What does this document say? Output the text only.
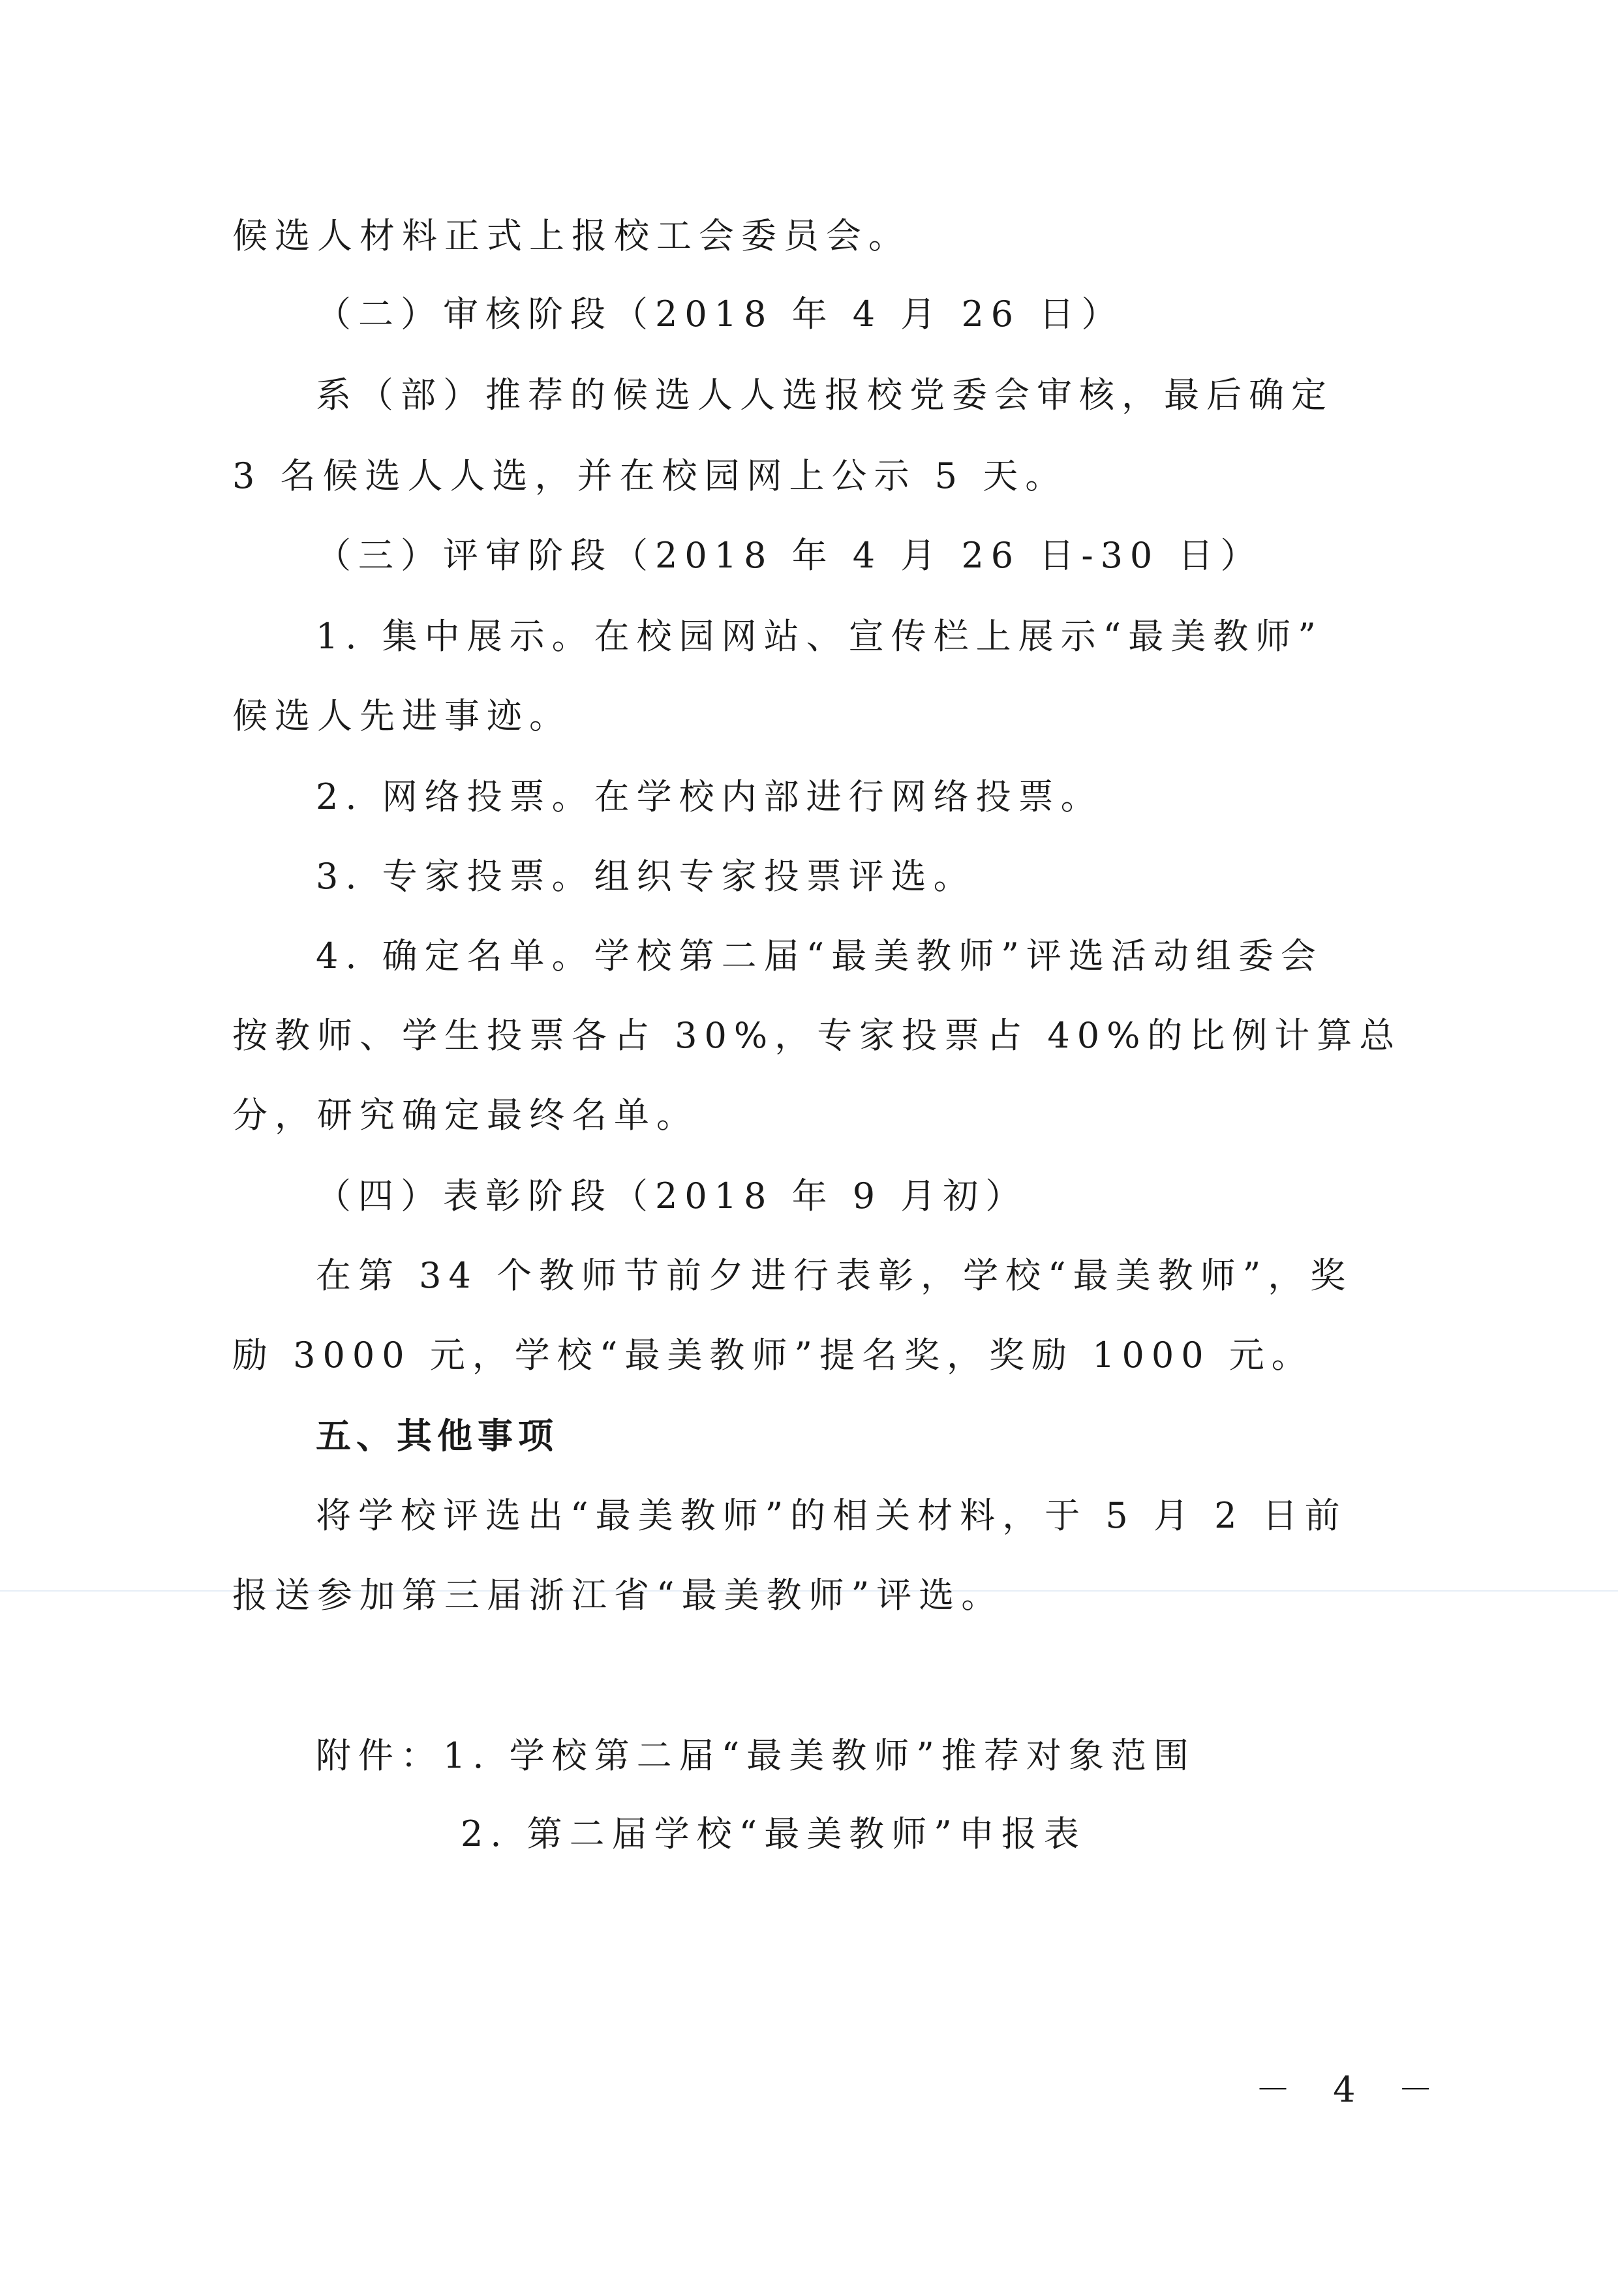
候选人材料正式上报校工会委员会。
（二）审核阶段（2018 年 4 月 26 日）
系（部）推荐的候选人人选报校党委会审核，最后确定
3 名候选人人选，并在校园网上公示 5 天。
（三）评审阶段（2018 年 4 月 26 日-30 日）
1. 集中展示。在校园网站、宣传栏上展示“最美教师”
候选人先进事迹。
2. 网络投票。在学校内部进行网络投票。
3. 专家投票。组织专家投票评选。
4. 确定名单。学校第二届“最美教师”评选活动组委会
按教师、学生投票各占 30%，专家投票占 40%的比例计算总
分，研究确定最终名单。
（四）表彰阶段（2018 年 9 月初）
在第 34 个教师节前夕进行表彰，学校“最美教师”，奖
励 3000 元，学校“最美教师”提名奖，奖励 1000 元。
五、其他事项
将学校评选出“最美教师”的相关材料，于 5 月 2 日前
报送参加第三届浙江省“最美教师”评选。
附件：1. 学校第二届“最美教师”推荐对象范围
2. 第二届学校“最美教师”申报表
－ 4 －
